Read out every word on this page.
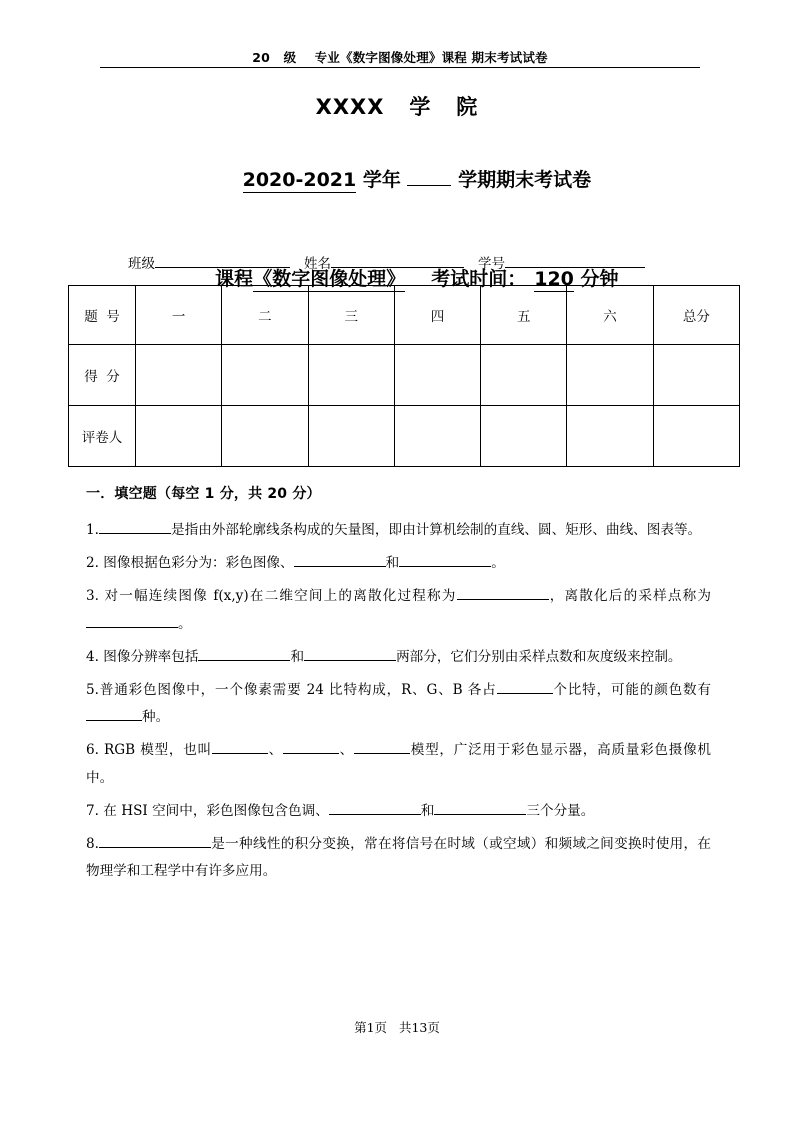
20   级    专业《数字图像处理》课程 期末考试试卷
XXXX   学   院

2020-2021 学年  学期期末考试卷

课程《数字图像处理》 考试时间： 120 分钟

班级	姓名	学号
题  号	一	二	三	四	五	六	总分
得  分							
评卷人							
一．填空题（每空 1 分，共 20 分）

1.	是指由外部轮廓线条构成的矢量图，即由计算机绘制的直线、圆、矩形、曲线、图表等。

2. 图像根据色彩分为：彩色图像、	和	。

3. 对一幅连续图像 f(x,y)在二维空间上的离散化过程称为	，离散化后的采样点称为。

4. 图像分辨率包括	和	两部分，它们分别由采样点数和灰度级来控制。

5.普通彩色图像中，一个像素需要 24 比特构成，R、G、B 各占	个比特，可能的颜色数有种。

6. RGB 模型，也叫	、	、	模型，广泛用于彩色显示器，高质量彩色摄像机中。

7. 在 HSI 空间中，彩色图像包含色调、	和	三个分量。

8.	是一种线性的积分变换，常在将信号在时域（或空域）和频域之间变换时使用，在物理学和工程学中有许多应用。

第1页   共13页
